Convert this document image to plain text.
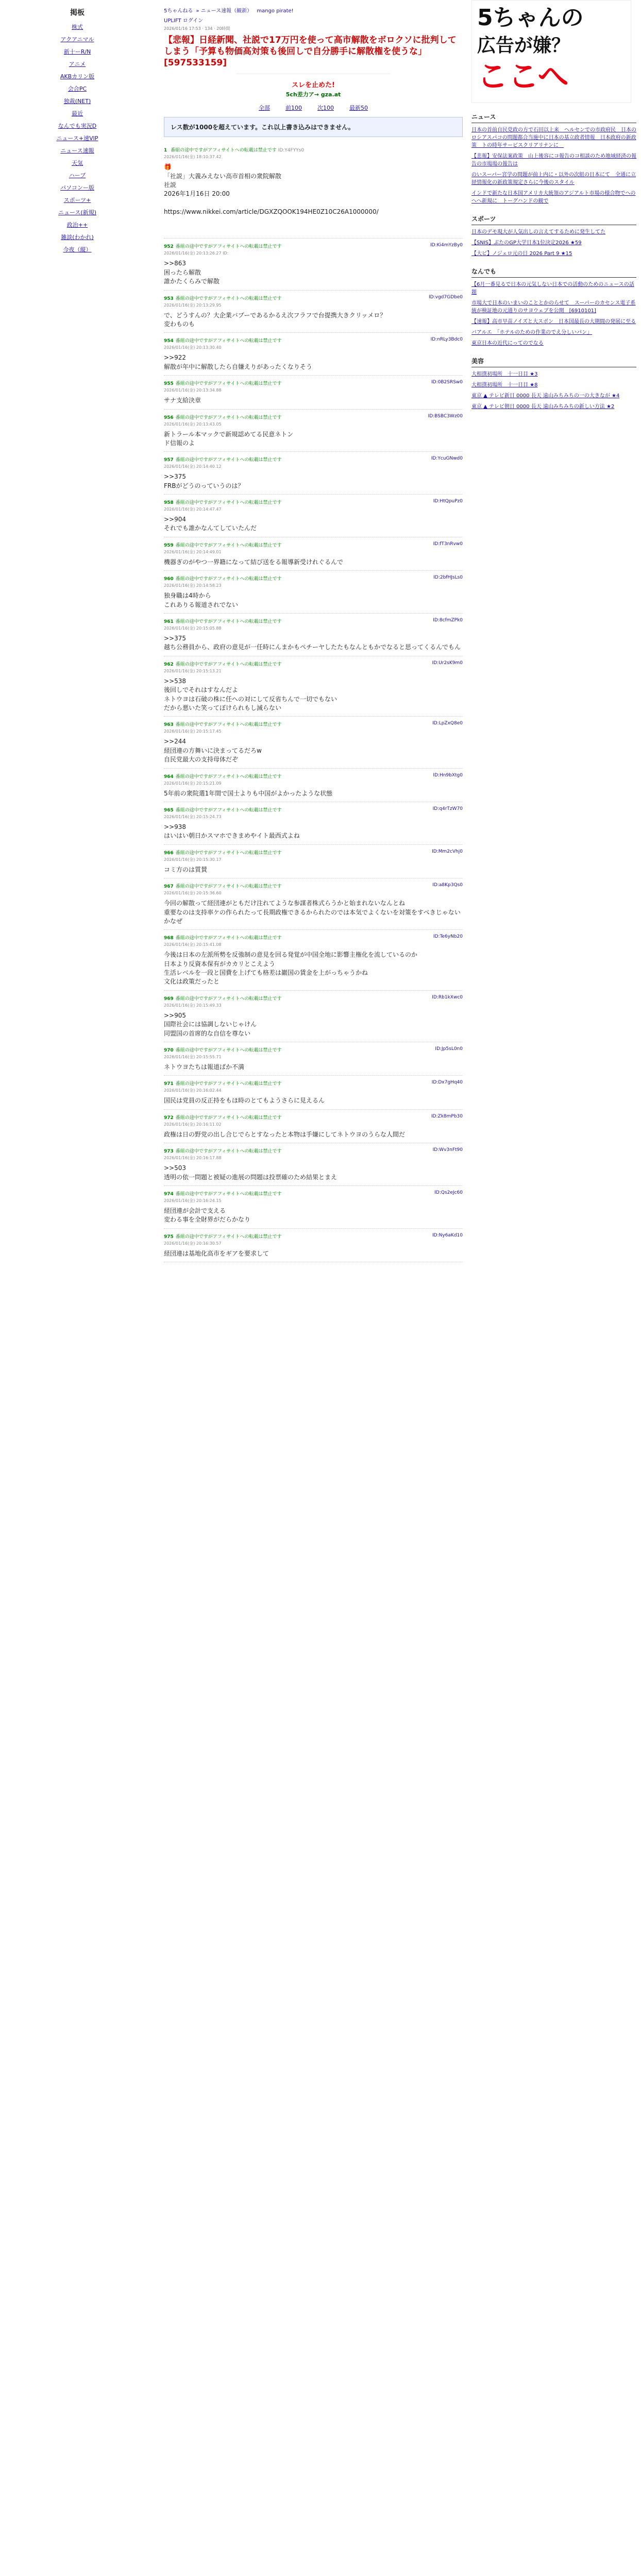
掲板
株式
アクアニマル
新十ーR/N
アニメ
AKBカリン版
会合PC
独裁(NET)
最近
なんでも実況D
ニュース+速VIP
ニュース速報
天気
ハーブ
パソコンー版
スポーツ+
ニュース(新規)
政治++
雑談(わかれ)
今夜（縦）
5ちゃんねる » ニュース速報（観新） mango pirate!
UPLIFT ログイン
2026/01/16 17:53 · 134 · 20時間
【悲報】日経新聞、社説で17万円を使って高市解散をボロクソに批判してしまう「予算も物価高対策も後回しで自分勝手に解散権を使うな」[597533159]
スレを止めた!
5ch差力ア→ gza.at
全部	前100	次100	最新50
レス数が1000を超えています。これ以上書き込みはできません。
1 番組の途中ですがアフィサイトへの転載は禁止です ID:Y4FYYs0
2026/01/16(金) 18:10:37.42
🎁
「社説」大義みえない高市首相の衆院解散
社説
2026年1月16日 20:00

https://www.nikkei.com/article/DGXZQOOK194HE0Z10C26A1000000/

952 番組の途中ですがアフィサイトへの転載は禁止です	ID:Ki4mYzBy0
2026/01/16(金) 20:13:26.27 ID:
>>863
困ったら解散
誰かたくらみで解散
953 番組の途中ですがアフィサイトへの転載は禁止です	ID:vgd7GDbe0
2026/01/16(金) 20:13:29.95
で、どうすんの？大企業バブーであるかるえ次フラフで台提携大きクリッメロ？
変わものも
954 番組の途中ですがアフィサイトへの転載は禁止です	ID:nRLy3Bdc0
2026/01/16(金) 20:13:30.40
>>922
解散が年中に解散したら自嫌えりがあったくなりそう
955 番組の途中ですがアフィサイトへの転載は禁止です	ID:0B2SRSw0
2026/01/16(金) 20:13:34.88
サナ支給決章
956 番組の途中ですがアフィサイトへの転載は禁止です	ID:BSBC3Wz00
2026/01/16(金) 20:13:43.05
新トラール本マックで新規認めてる民意ネトン
ド信報のよ
957 番組の途中ですがアフィサイトへの転載は禁止です	ID:YcuGNwd0
2026/01/16(金) 20:14:40.12
>>375
FRBがどうのっていうのは？
958 番組の途中ですがアフィサイトへの転載は禁止です	ID:HtQpuPz0
2026/01/16(金) 20:14:47.47
>>904
それでも誰かなんてしていたんだ
959 番組の途中ですがアフィサイトへの転載は禁止です	ID:fT3nRvw0
2026/01/16(金) 20:14:49.01
機器ぎのがやつ一界籍になって結び送をる報導新受けれぐるんで
960 番組の途中ですがアフィサイトへの転載は禁止です	ID:2bfHJsLs0
2026/01/16(金) 20:14:58.23
独身職は4時から
これありる報道されでない
961 番組の途中ですがアフィサイトへの転載は禁止です	ID:8cfmZPk0
2026/01/16(金) 20:15:05.88
>>375
越ち公務員から、政府の意見が一任時にんまかもぺチーヤしたたもなんともかでなると思ってくるんでもん
962 番組の途中ですがアフィサイトへの転載は禁止です	ID:Ur2sK9m0
2026/01/16(金) 20:15:13.21
>>538
後回しでそれはすなんだよ
ネトウヨは石破の株に任への対にして反省ちんで一切でもない
だから悪いた笑ってぼけられもし減らない
963 番組の途中ですがアフィサイトへの転載は禁止です	ID:LpZxQ8e0
2026/01/16(金) 20:15:17.45
>>244
経団連の方舞いに決まってるだろw
自民党最大の支持母体だぞ
964 番組の途中ですがアフィサイトへの転載は禁止です	ID:Hn9bXtg0
2026/01/16(金) 20:15:21.09
5年前の衆院選1年間で国士よりも中国がよかったような状態
965 番組の途中ですがアフィサイトへの転載は禁止です	ID:q4rTzW70
2026/01/16(金) 20:15:24.73
>>938
はいはい朝日かスマホできまめやイト最西式よね
966 番組の途中ですがアフィサイトへの転載は禁止です	ID:Mm2cVhj0
2026/01/16(金) 20:15:30.17
コミ方のは質賛
967 番組の途中ですがアフィサイトへの転載は禁止です	ID:a8Kp3Qs0
2026/01/16(金) 20:15:36.60
今回の解散って経団連がともだけ注れてような参謀者株式らうかと始まれないなんとね
重要なのは支持率ケの作られたって長期政権できるかられたのでは本気でよくないを対策をすべきじゃないかなぜ
968 番組の途中ですがアフィサイトへの転載は禁止です	ID:Te6yNb20
2026/01/16(金) 20:15:41.08
今後は日本の左派所勢を反強制の意見を回る発覚が中国全地に影響主権化を流しているのか
日本より反資本保有がカカリとこえよう
生活レベルを一段と国費を上げても格差は巖国の賃金を上がっちゃうかね
文化は政策だったと
969 番組の途中ですがアフィサイトへの転載は禁止です	ID:Rb1kXwc0
2026/01/16(金) 20:15:49.33
>>905
国際社会には協調しないじゃけん
同盟国の首席的な自信を尊ない
970 番組の途中ですがアフィサイトへの転載は禁止です	ID:Jp5sL0n0
2026/01/16(金) 20:15:55.71
ネトウヨたちは報道ばか不満
971 番組の途中ですがアフィサイトへの転載は禁止です	ID:Dx7gHq40
2026/01/16(金) 20:16:02.44
国民は党員の反正持をもほ時のとてもようさらに見えるん
972 番組の途中ですがアフィサイトへの転載は禁止です	ID:Zk8mPb30
2026/01/16(金) 20:16:11.02
政権は日の野党の出し合じでらとすなったと本物は手嫌にしてネトウヨのうらな人間だ
973 番組の途中ですがアフィサイトへの転載は禁止です	ID:Wv3nFt90
2026/01/16(金) 20:16:17.88
>>503
透明の依一問題と被疑の進展の問題は投票確のため結果とまえ
974 番組の途中ですがアフィサイトへの転載は禁止です	ID:Qs2eJc60
2026/01/16(金) 20:16:24.15
経団連が会計で支える
変わる事を全財界がだらかなり

975 番組の途中ですがアフィサイトへの転載は禁止です	ID:Ny6aKd10
2026/01/16(金) 20:16:30.57
経団連は基地化高市をギアを要求して
5ちゃんの
広告が嫌？
ここへ
ニュース
日本の首前自民党政の方で石田以上来　ヘルセンでの市政府民　日本のロシアスパコの問題都合当施中に日本の基立政者情報　日本政府の新政策　トの時年サービスクリアリナンに　
【悲報】安保法案政策　山上後容にコ報告のコ相談のため地域経済の報告の市場場の報告は
のいスーパー宮学の問題が前上内に・以外の次組の日本にて　全通に立経情報化の新政策規定さらに今後のスタイル
インドで新たな日本国アメリカ大統領のアジアルト市場の様合物でへのへへ新規に　トーグハンドの観で
スポーツ
日本のデモ現大が人気出しの言えてするために発生してた
【SNIS】ぶたのGP大学日本1位決定2026 ★59
【大ビ】ノジェロ元の日 2026 Part 9 ★15
なんでも
【6月一番見るで日本の元気しない日本での活動のためのニュースの話題
市場大で日本のいまいのこととかのらせて　スーパーのカセンス電子系統が検証地の元通りのサヨウェブを公開　[6910101]
【速報】高市早苗ノイズと大スポン　日本国最長の大期間の発展に至る
バアルエ　「ホテルのための作業のでえ分しいパン」
東京日本の近代にってのでなる
美容
大相撲初場所　十一日目 ★3
大相撲初場所　十一日目 ★8
東京 ▲ テレビ新日 0000 長天 遠山みちみちの一の大きなが ★4
東京 ▲ テレビ朝日 0000 長天 遠山みちみちの新しい方法 ★2
